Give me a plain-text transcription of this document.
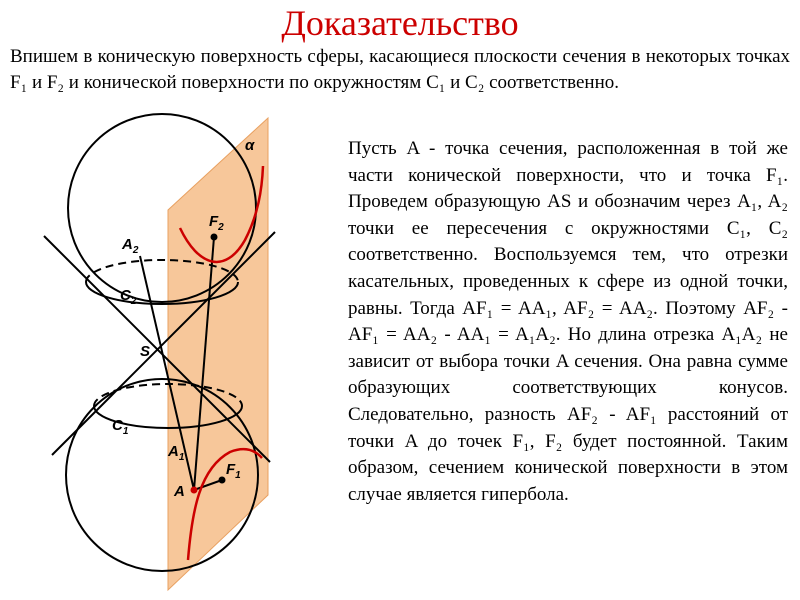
Доказательство
Впишем в коническую поверхность сферы, касающиеся плоскости сечения в некоторых точках F₁ и F₂ и конической поверхности по окружностям C₁ и C₂ соответственно.
α
$F_2$
$A_2$
$C_2$
S
$C_1$
$A_1$
A
$F_1$
Пусть A - точка сечения, расположенная в той же части конической поверхности, что и точка F₁. Проведем образующую AS и обозначим через A₁, A₂ точки ее пересечения с окружностями C₁, C₂ соответственно. Воспользуемся тем, что отрезки касательных, проведенных к сфере из одной точки, равны. Тогда AF₁ = AA₁, AF₂ = AA₂. Поэтому AF₂ - AF₁ = AA₂ - AA₁ = A₁A₂. Но длина отрезка A₁A₂ не зависит от выбора точки A сечения. Она равна сумме образующих соответствующих конусов. Следовательно, разность AF₂ - AF₁ расстояний от точки A до точек F₁, F₂ будет постоянной. Таким образом, сечением конической поверхности в этом случае является гипербола.
